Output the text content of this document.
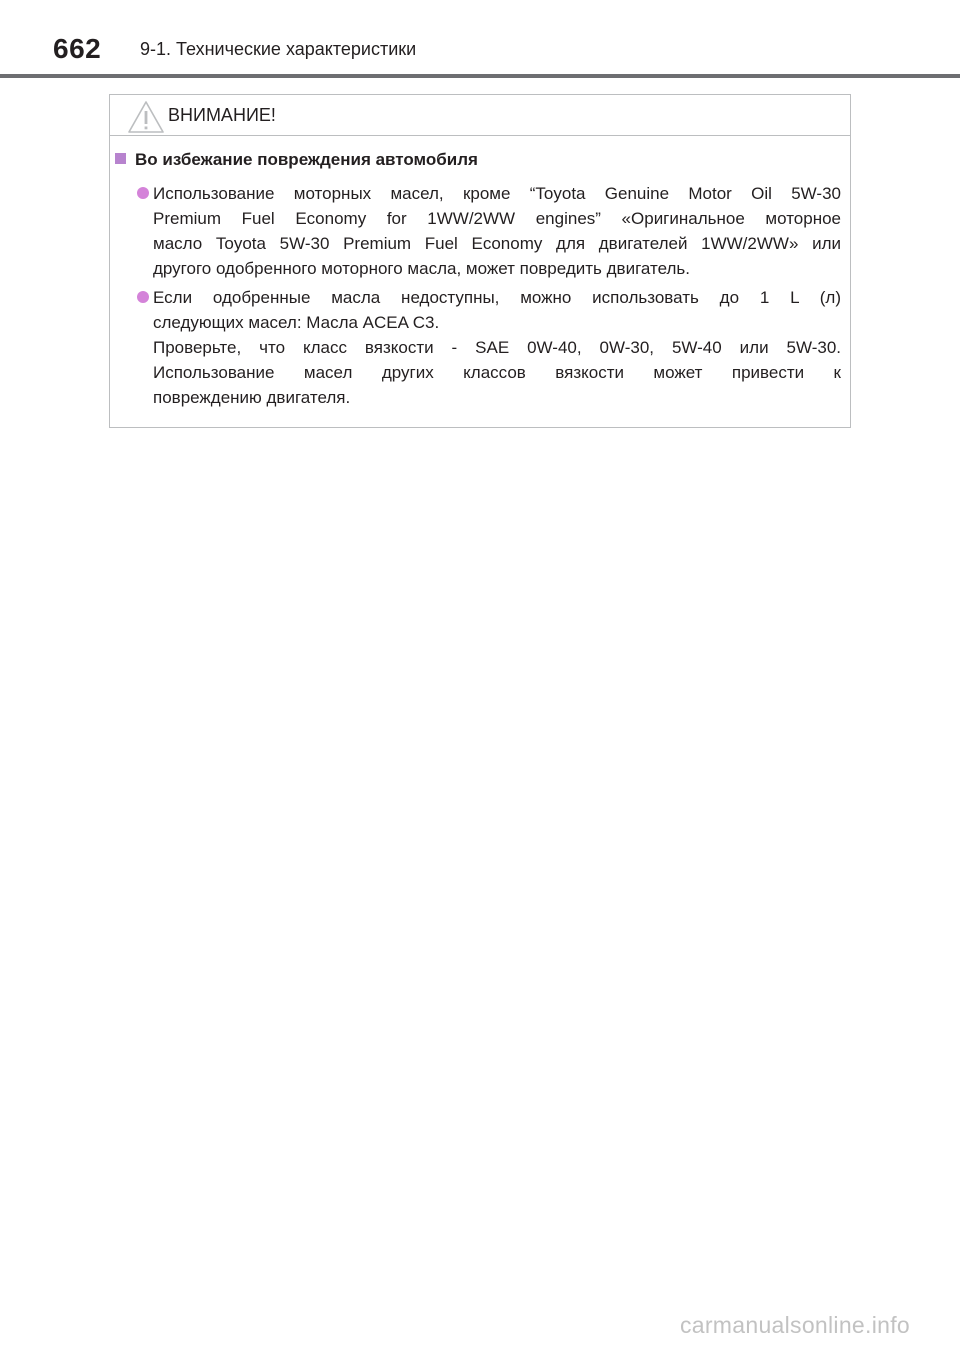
662 9-1. Технические характеристики
ВНИМАНИЕ!
Во избежание повреждения автомобиля
Использование моторных масел, кроме “Toyota Genuine Motor Oil 5W-30
Premium Fuel Economy for 1WW/2WW engines” «Оригинальное моторное
масло Toyota 5W-30 Premium Fuel Economy для двигателей 1WW/2WW» или
другого одобренного моторного масла, может повредить двигатель.
Если одобренные масла недоступны, можно использовать до 1 L (л)
следующих масел: Масла ACEA C3.
Проверьте, что класс вязкости - SAE 0W-40, 0W-30, 5W-40 или 5W-30.
Использование масел других классов вязкости может привести к
повреждению двигателя.
carmanualsonline.info
